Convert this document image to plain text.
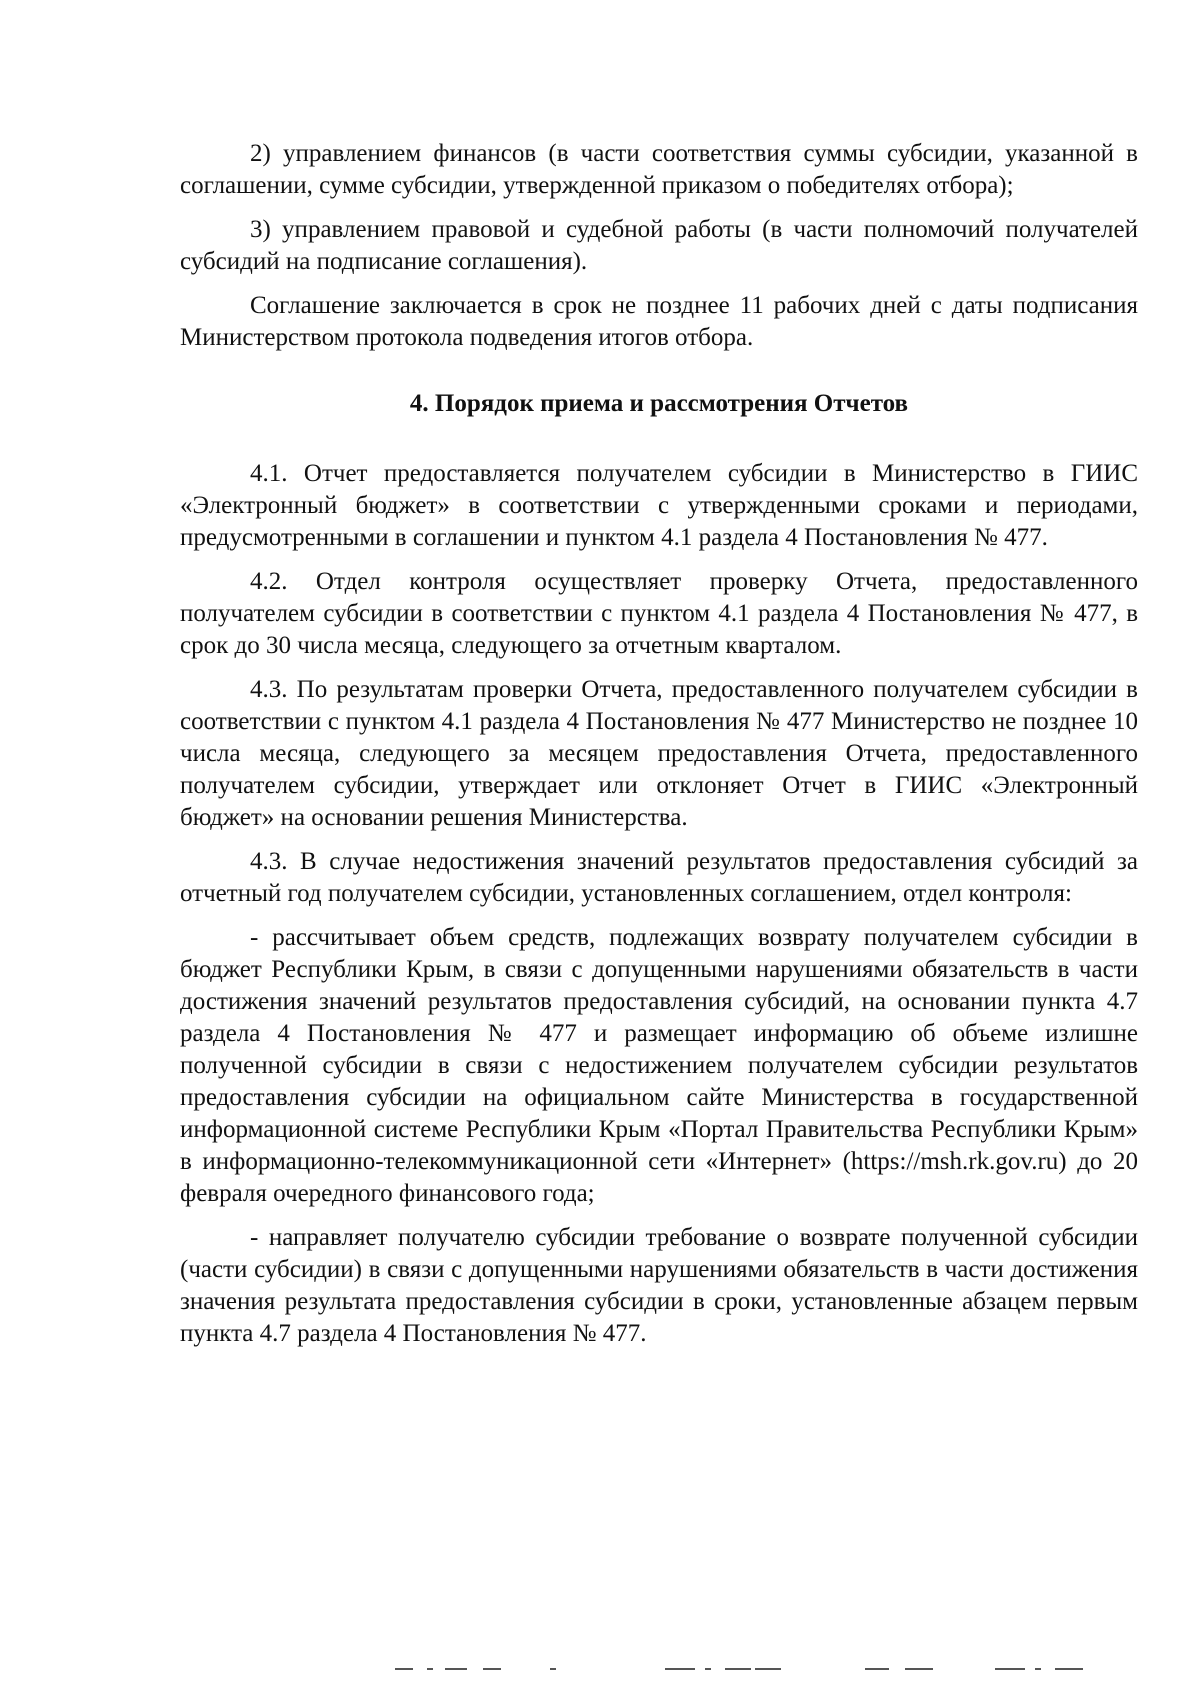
2) управлением финансов (в части соответствия суммы субсидии, указанной в соглашении, сумме субсидии, утвержденной приказом о победителях отбора);

3) управлением правовой и судебной работы (в части полномочий получателей субсидий на подписание соглашения).

Соглашение заключается в срок не позднее 11 рабочих дней с даты подписания Министерством протокола подведения итогов отбора.

4. Порядок приема и рассмотрения Отчетов

4.1. Отчет предоставляется получателем субсидии в Министерство в ГИИС «Электронный бюджет» в соответствии с утвержденными сроками и периодами, предусмотренными в соглашении и пунктом 4.1 раздела 4 Постановления № 477.

4.2. Отдел контроля осуществляет проверку Отчета, предоставленного получателем субсидии в соответствии с пунктом 4.1 раздела 4 Постановления № 477, в срок до 30 числа месяца, следующего за отчетным кварталом.

4.3. По результатам проверки Отчета, предоставленного получателем субсидии в соответствии с пунктом 4.1 раздела 4 Постановления № 477 Министерство не позднее 10 числа месяца, следующего за месяцем предоставления Отчета, предоставленного получателем субсидии, утверждает или отклоняет Отчет в ГИИС «Электронный бюджет» на основании решения Министерства.

4.3. В случае недостижения значений результатов предоставления субсидий за отчетный год получателем субсидии, установленных соглашением, отдел контроля:

- рассчитывает объем средств, подлежащих возврату получателем субсидии в бюджет Республики Крым, в связи с допущенными нарушениями обязательств в части достижения значений результатов предоставления субсидий, на основании пункта 4.7 раздела 4 Постановления № 477 и размещает информацию об объеме излишне полученной субсидии в связи с недостижением получателем субсидии результатов предоставления субсидии на официальном сайте Министерства в государственной информационной системе Республики Крым «Портал Правительства Республики Крым» в информационно-телекоммуникационной сети «Интернет» (https://msh.rk.gov.ru) до 20 февраля очередного финансового года;

- направляет получателю субсидии требование о возврате полученной субсидии (части субсидии) в связи с допущенными нарушениями обязательств в части достижения значения результата предоставления субсидии в сроки, установленные абзацем первым пункта 4.7 раздела 4 Постановления № 477.
